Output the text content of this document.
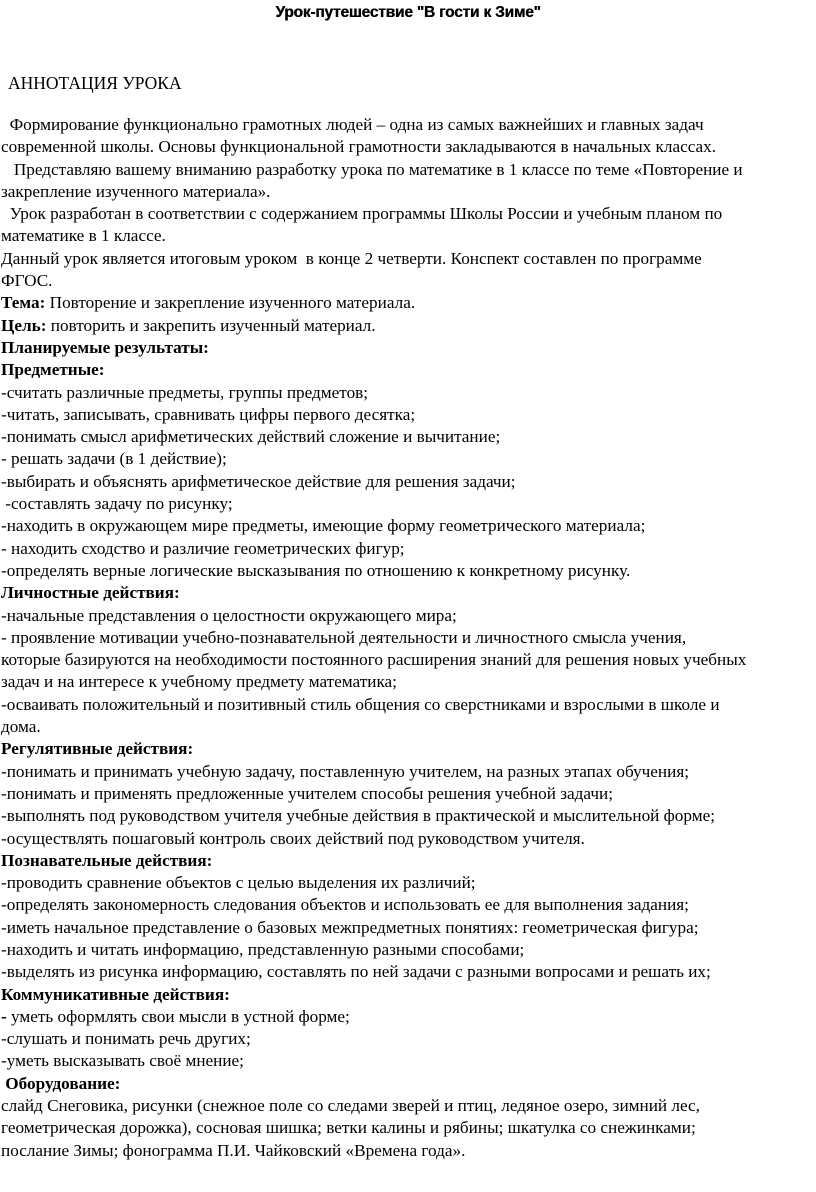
Урок-путешествие "В гости к Зиме"
АННОТАЦИЯ УРОКА
Формирование функционально грамотных людей – одна из самых важнейших и главных задач
современной школы. Основы функциональной грамотности закладываются в начальных классах.
Представляю вашему вниманию разработку урока по математике в 1 классе по теме «Повторение и
закрепление изученного материала».
Урок разработан в соответствии с содержанием программы Школы России и учебным планом по
математике в 1 классе.
Данный урок является итоговым уроком  в конце 2 четверти. Конспект составлен по программе
ФГОС.
Тема: Повторение и закрепление изученного материала.
Цель: повторить и закрепить изученный материал.
Планируемые результаты:
Предметные:
-считать различные предметы, группы предметов;
-читать, записывать, сравнивать цифры первого десятка;
-понимать смысл арифметических действий сложение и вычитание;
- решать задачи (в 1 действие);
-выбирать и объяснять арифметическое действие для решения задачи;
-составлять задачу по рисунку;
-находить в окружающем мире предметы, имеющие форму геометрического материала;
- находить сходство и различие геометрических фигур;
-определять верные логические высказывания по отношению к конкретному рисунку.
Личностные действия:
-начальные представления о целостности окружающего мира;
- проявление мотивации учебно-познавательной деятельности и личностного смысла учения,
которые базируются на необходимости постоянного расширения знаний для решения новых учебных
задач и на интересе к учебному предмету математика;
-осваивать положительный и позитивный стиль общения со сверстниками и взрослыми в школе и
дома.
Регулятивные действия:
-понимать и принимать учебную задачу, поставленную учителем, на разных этапах обучения;
-понимать и применять предложенные учителем способы решения учебной задачи;
-выполнять под руководством учителя учебные действия в практической и мыслительной форме;
-осуществлять пошаговый контроль своих действий под руководством учителя.
Познавательные действия:
-проводить сравнение объектов с целью выделения их различий;
-определять закономерность следования объектов и использовать ее для выполнения задания;
-иметь начальное представление о базовых межпредметных понятиях: геометрическая фигура;
-находить и читать информацию, представленную разными способами;
-выделять из рисунка информацию, составлять по ней задачи с разными вопросами и решать их;
Коммуникативные действия:
- уметь оформлять свои мысли в устной форме;
-слушать и понимать речь других;
-уметь высказывать своё мнение;
Оборудование:
слайд Снеговика, рисунки (снежное поле со следами зверей и птиц, ледяное озеро, зимний лес,
геометрическая дорожка), сосновая шишка; ветки калины и рябины; шкатулка со снежинками;
послание Зимы; фонограмма П.И. Чайковский «Времена года».
